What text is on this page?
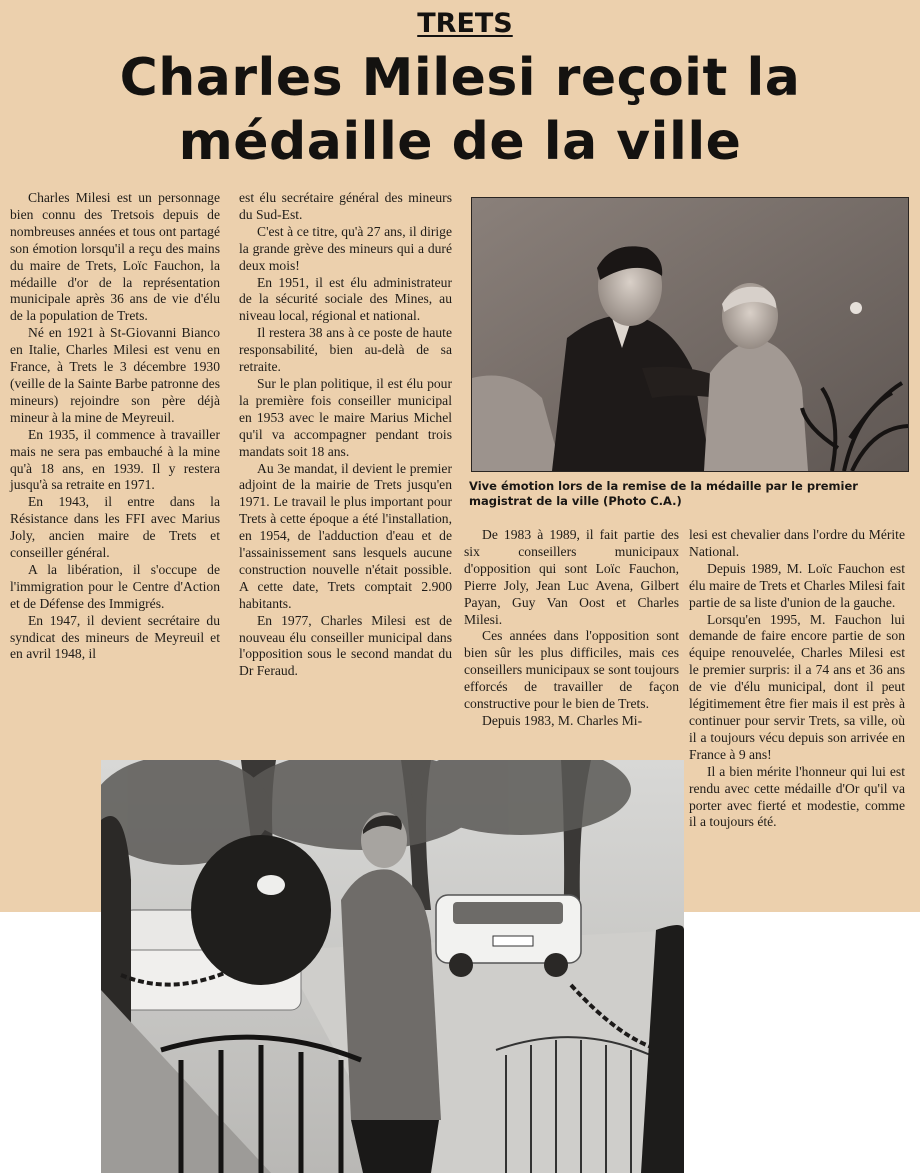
TRETS
Charles Milesi reçoit la
médaille de la ville

Charles Milesi est un personnage bien connu des Tretsois depuis de nombreuses années et tous ont partagé son émotion lorsqu'il a reçu des mains du maire de Trets, Loïc Fauchon, la médaille d'or de la représentation municipale après 36 ans de vie d'élu de la population de Trets.

Né en 1921 à St-Giovanni Bianco en Italie, Charles Milesi est venu en France, à Trets le 3 décembre 1930 (veille de la Sainte Barbe patronne des mineurs) rejoindre son père déjà mineur à la mine de Meyreuil.

En 1935, il commence à travailler mais ne sera pas embauché à la mine qu'à 18 ans, en 1939. Il y restera jusqu'à sa retraite en 1971.

En 1943, il entre dans la Résistance dans les FFI avec Marius Joly, ancien maire de Trets et conseiller général.

A la libération, il s'occupe de l'immigration pour le Centre d'Action et de Défense des Immigrés.

En 1947, il devient secrétaire du syndicat des mineurs de Meyreuil et en avril 1948, il

est élu secrétaire général des mineurs du Sud-Est.

C'est à ce titre, qu'à 27 ans, il dirige la grande grève des mineurs qui a duré deux mois!

En 1951, il est élu administrateur de la sécurité sociale des Mines, au niveau local, régional et national.

Il restera 38 ans à ce poste de haute responsabilité, bien au-delà de sa retraite.

Sur le plan politique, il est élu pour la première fois conseiller municipal en 1953 avec le maire Marius Michel qu'il va accompagner pendant trois mandats soit 18 ans.

Au 3e mandat, il devient le premier adjoint de la mairie de Trets jusqu'en 1971. Le travail le plus important pour Trets à cette époque a été l'installation, en 1954, de l'adduction d'eau et de l'assainissement sans lesquels aucune construction nouvelle n'était possible. A cette date, Trets comptait 2.900 habitants.

En 1977, Charles Milesi est de nouveau élu conseiller municipal dans l'opposition sous le second mandat du Dr Feraud.

Vive émotion lors de la remise de la médaille par le premier magistrat de la ville (Photo C.A.)

De 1983 à 1989, il fait partie des six conseillers municipaux d'opposition qui sont Loïc Fauchon, Pierre Joly, Jean Luc Avena, Gilbert Payan, Guy Van Oost et Charles Milesi.

Ces années dans l'opposition sont bien sûr les plus difficiles, mais ces conseillers municipaux se sont toujours efforcés de travailler de façon constructive pour le bien de Trets.

Depuis 1983, M. Charles Mi-

lesi est chevalier dans l'ordre du Mérite National.

Depuis 1989, M. Loïc Fauchon est élu maire de Trets et Charles Milesi fait partie de sa liste d'union de la gauche.

Lorsqu'en 1995, M. Fauchon lui demande de faire encore partie de son équipe renouvelée, Charles Milesi est le premier surpris: il a 74 ans et 36 ans de vie d'élu municipal, dont il peut légitimement être fier mais il est près à continuer pour servir Trets, sa ville, où il a toujours vécu depuis son arrivée en France à 9 ans!

Il a bien mérite l'honneur qui lui est rendu avec cette médaille d'Or qu'il va porter avec fierté et modestie, comme il a toujours été.
